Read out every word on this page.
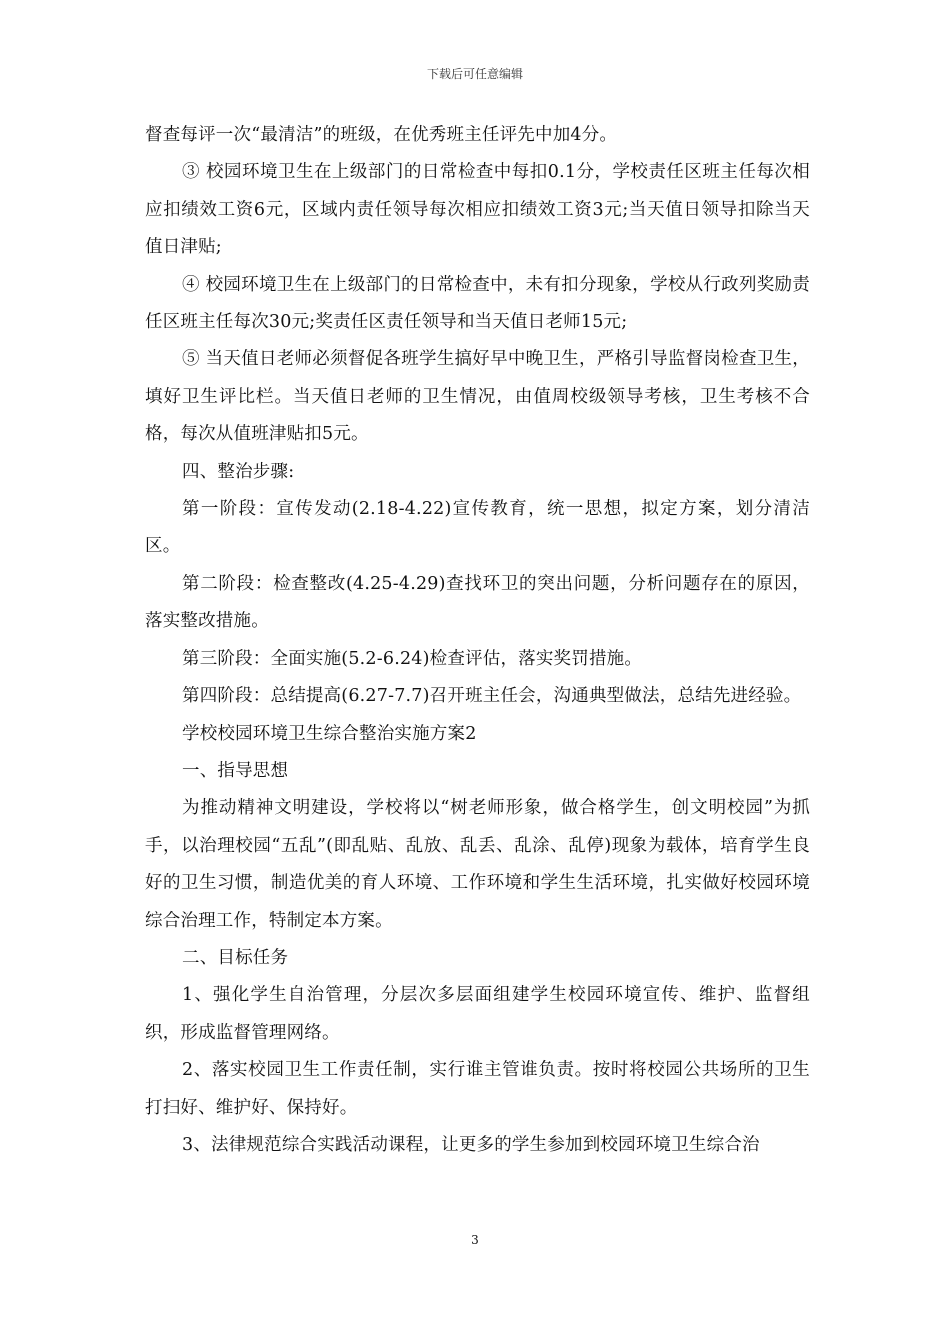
下载后可任意编辑

督查每评一次“最清洁”的班级，在优秀班主任评先中加4分。

③ 校园环境卫生在上级部门的日常检查中每扣0.1分，学校责任区班主任每次相应扣绩效工资6元，区域内责任领导每次相应扣绩效工资3元;当天值日领导扣除当天值日津贴;

④ 校园环境卫生在上级部门的日常检查中，未有扣分现象，学校从行政列奖励责任区班主任每次30元;奖责任区责任领导和当天值日老师15元;

⑤ 当天值日老师必须督促各班学生搞好早中晚卫生，严格引导监督岗检查卫生，填好卫生评比栏。当天值日老师的卫生情况，由值周校级领导考核，卫生考核不合格，每次从值班津贴扣5元。

四、整治步骤:

第一阶段：宣传发动(2.18-4.22)宣传教育，统一思想，拟定方案，划分清洁区。

第二阶段：检查整改(4.25-4.29)查找环卫的突出问题，分析问题存在的原因，落实整改措施。

第三阶段：全面实施(5.2-6.24)检查评估，落实奖罚措施。

第四阶段：总结提高(6.27-7.7)召开班主任会，沟通典型做法，总结先进经验。

学校校园环境卫生综合整治实施方案2

一、指导思想

为推动精神文明建设，学校将以“树老师形象，做合格学生，创文明校园”为抓手，以治理校园“五乱”(即乱贴、乱放、乱丢、乱涂、乱停)现象为载体，培育学生良好的卫生习惯，制造优美的育人环境、工作环境和学生生活环境，扎实做好校园环境综合治理工作，特制定本方案。

二、目标任务

1、强化学生自治管理，分层次多层面组建学生校园环境宣传、维护、监督组织，形成监督管理网络。

2、落实校园卫生工作责任制，实行谁主管谁负责。按时将校园公共场所的卫生打扫好、维护好、保持好。

3、法律规范综合实践活动课程，让更多的学生参加到校园环境卫生综合治

3
